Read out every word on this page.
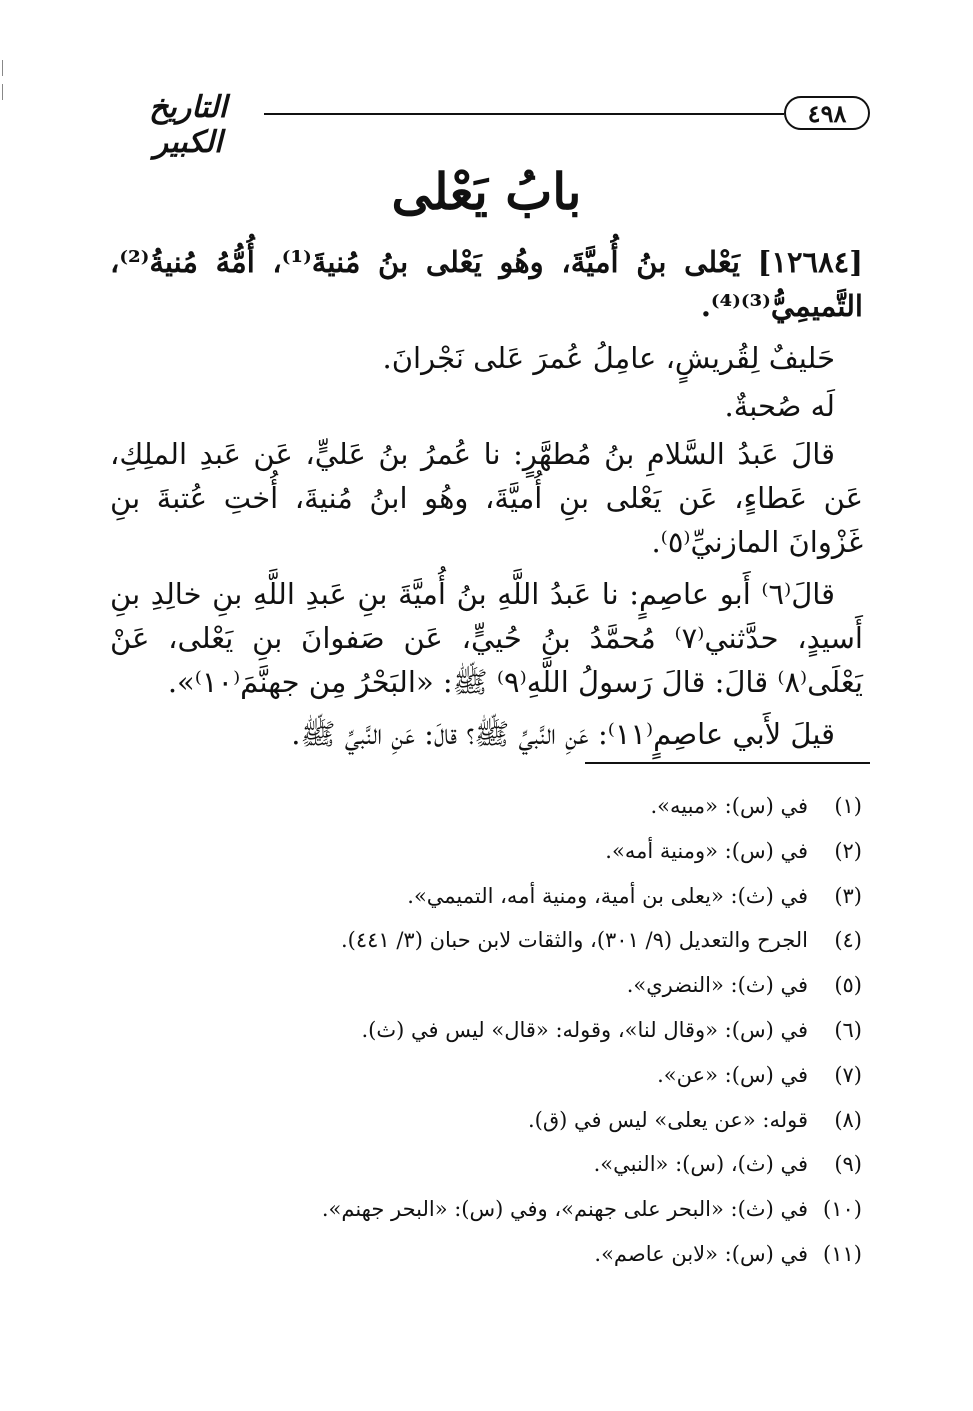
٤٩٨
التاريخ الكبير
بابُ يَعْلى

[١٢٦٨٤] يَعْلى بنُ أُميَّةَ، وهُو يَعْلى بنُ مُنيةَ⁽¹⁾، أُمُّهُ مُنيةُ⁽²⁾، التَّميمِيُّ⁽³⁾⁽⁴⁾.

حَليفٌ لِقُريشٍ، عامِلُ عُمرَ عَلى نَجْرانَ.

لَه صُحبةٌ.

قالَ عَبدُ السَّلامِ بنُ مُطهَّرٍ: نا عُمرُ بنُ عَليٍّ، عَن عَبدِ الملِكِ، عَن عَطاءٍ، عَن يَعْلى بنِ أُميَّةَ، وهُو ابنُ مُنيةَ، أُختِ عُتبةَ بنِ غَزْوانَ المازنيِّ⁽٥⁾.

قالَ⁽٦⁾ أَبو عاصِمٍ: نا عَبدُ اللَّهِ بنُ أُميَّةَ بنِ عَبدِ اللَّهِ بنِ خالِدِ بنِ أَسيدٍ، حدَّثني⁽٧⁾ مُحمَّدُ بنُ حُييٍّ، عَن صَفوانَ بنِ يَعْلى، عَنْ يَعْلَى⁽٨⁾ قالَ: قالَ رَسولُ اللَّهِ⁽٩⁾ ﷺ: «البَحْرُ مِن جهنَّمَ⁽١٠⁾».

قيلَ لأَبي عاصِمٍ⁽١١⁾: عَنِ النَّبيِّ ﷺ؟ قالَ: عَنِ النَّبيِّ ﷺ.

(١)في (س): «مبيه».
(٢)في (س): «ومنية أمه».
(٣)في (ث): «يعلى بن أمية، ومنية أمه، التميمي».
(٤)الجرح والتعديل (٩/ ٣٠١)، والثقات لابن حبان (٣/ ٤٤١).
(٥)في (ث): «النضري».
(٦)في (س): «وقال لنا»، وقوله: «قال» ليس في (ث).
(٧)في (س): «عن».
(٨)قوله: «عن يعلى» ليس في (ق).
(٩)في (ث)، (س): «النبي».
(١٠)في (ث): «البحر على جهنم»، وفي (س): «البحر جهنم».
(١١)في (س): «لابن عاصم».
